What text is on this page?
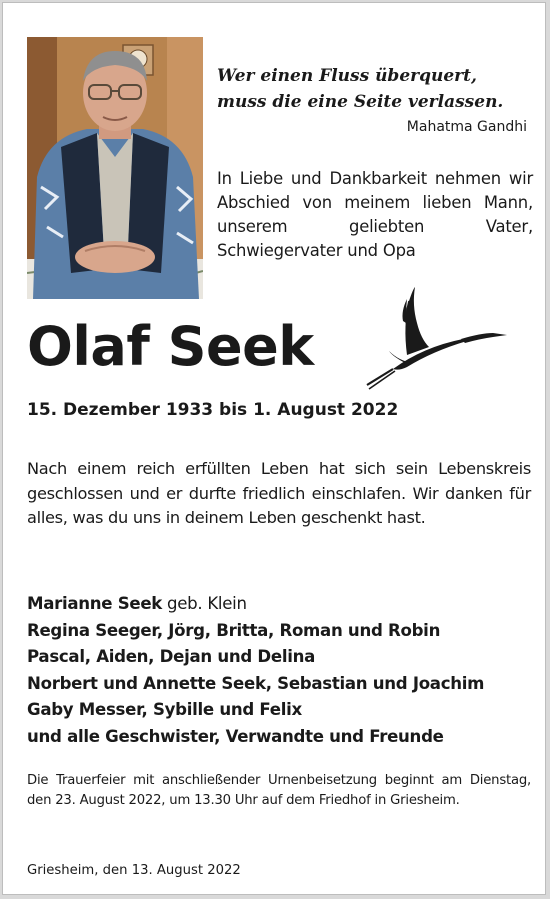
Wer einen Fluss überquert,
muss die eine Seite verlassen.
Mahatma Gandhi
In Liebe und Dankbarkeit nehmen wir Abschied von meinem lieben Mann, unserem geliebten Vater, Schwiegervater und Opa
Olaf Seek
15. Dezember 1933 bis 1. August 2022
Nach einem reich erfüllten Leben hat sich sein Lebenskreis geschlossen und er durfte friedlich einschlafen. Wir danken für alles, was du uns in deinem Leben geschenkt hast.
Marianne Seek geb. Klein
Regina Seeger, Jörg, Britta, Roman und Robin
Pascal, Aiden, Dejan und Delina
Norbert und Annette Seek, Sebastian und Joachim
Gaby Messer, Sybille und Felix
und alle Geschwister, Verwandte und Freunde
Die Trauerfeier mit anschließender Urnenbeisetzung beginnt am Dienstag, den 23. August 2022, um 13.30 Uhr auf dem Friedhof in Griesheim.
Griesheim, den 13. August 2022
